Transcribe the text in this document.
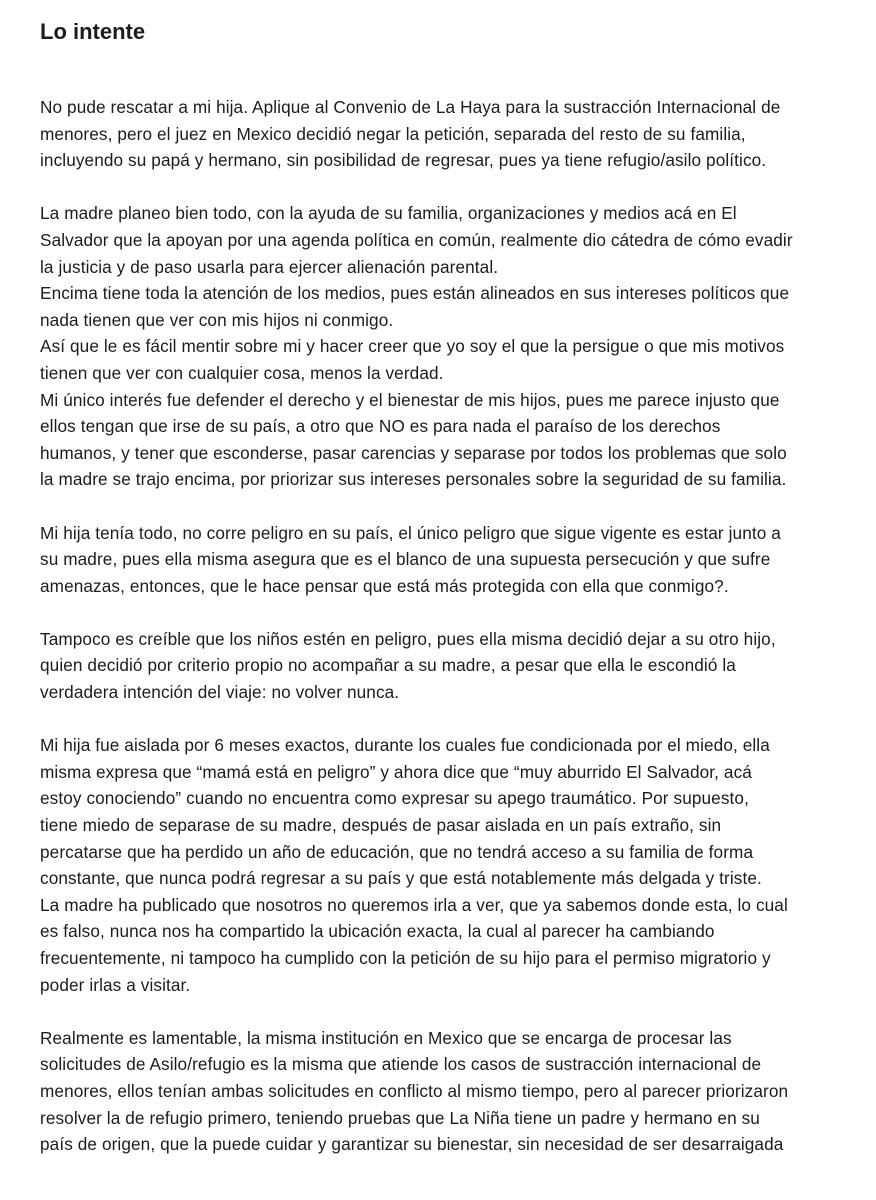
Lo intente

No pude rescatar a mi hija. Aplique al Convenio de La Haya para la sustracción Internacional de
menores, pero el juez en Mexico decidió negar la petición, separada del resto de su familia,
incluyendo su papá y hermano, sin posibilidad de regresar, pues ya tiene refugio/asilo político.

La madre planeo bien todo, con la ayuda de su familia, organizaciones y medios acá en El
Salvador que la apoyan por una agenda política en común, realmente dio cátedra de cómo evadir
la justicia y de paso usarla para ejercer alienación parental.
Encima tiene toda la atención de los medios, pues están alineados en sus intereses políticos que
nada tienen que ver con mis hijos ni conmigo.
Así que le es fácil mentir sobre mi y hacer creer que yo soy el que la persigue o que mis motivos
tienen que ver con cualquier cosa, menos la verdad.
Mi único interés fue defender el derecho y el bienestar de mis hijos, pues me parece injusto que
ellos tengan que irse de su país, a otro que NO es para nada el paraíso de los derechos
humanos, y tener que esconderse, pasar carencias y separase por todos los problemas que solo
la madre se trajo encima, por priorizar sus intereses personales sobre la seguridad de su familia.

Mi hija tenía todo, no corre peligro en su país, el único peligro que sigue vigente es estar junto a
su madre, pues ella misma asegura que es el blanco de una supuesta persecución y que sufre
amenazas, entonces, que le hace pensar que está más protegida con ella que conmigo?.

Tampoco es creíble que los niños estén en peligro, pues ella misma decidió dejar a su otro hijo,
quien decidió por criterio propio no acompañar a su madre, a pesar que ella le escondió la
verdadera intención del viaje: no volver nunca.

Mi hija fue aislada por 6 meses exactos, durante los cuales fue condicionada por el miedo, ella
misma expresa que “mamá está en peligro” y ahora dice que “muy aburrido El Salvador, acá
estoy conociendo” cuando no encuentra como expresar su apego traumático. Por supuesto,
tiene miedo de separase de su madre, después de pasar aislada en un país extraño, sin
percatarse que ha perdido un año de educación, que no tendrá acceso a su familia de forma
constante, que nunca podrá regresar a su país y que está notablemente más delgada y triste.
La madre ha publicado que nosotros no queremos irla a ver, que ya sabemos donde esta, lo cual
es falso, nunca nos ha compartido la ubicación exacta, la cual al parecer ha cambiando
frecuentemente, ni tampoco ha cumplido con la petición de su hijo para el permiso migratorio y
poder irlas a visitar.

Realmente es lamentable, la misma institución en Mexico que se encarga de procesar las
solicitudes de Asilo/refugio es la misma que atiende los casos de sustracción internacional de
menores, ellos tenían ambas solicitudes en conflicto al mismo tiempo, pero al parecer priorizaron
resolver la de refugio primero, teniendo pruebas que La Niña tiene un padre y hermano en su
país de origen, que la puede cuidar y garantizar su bienestar, sin necesidad de ser desarraigada
